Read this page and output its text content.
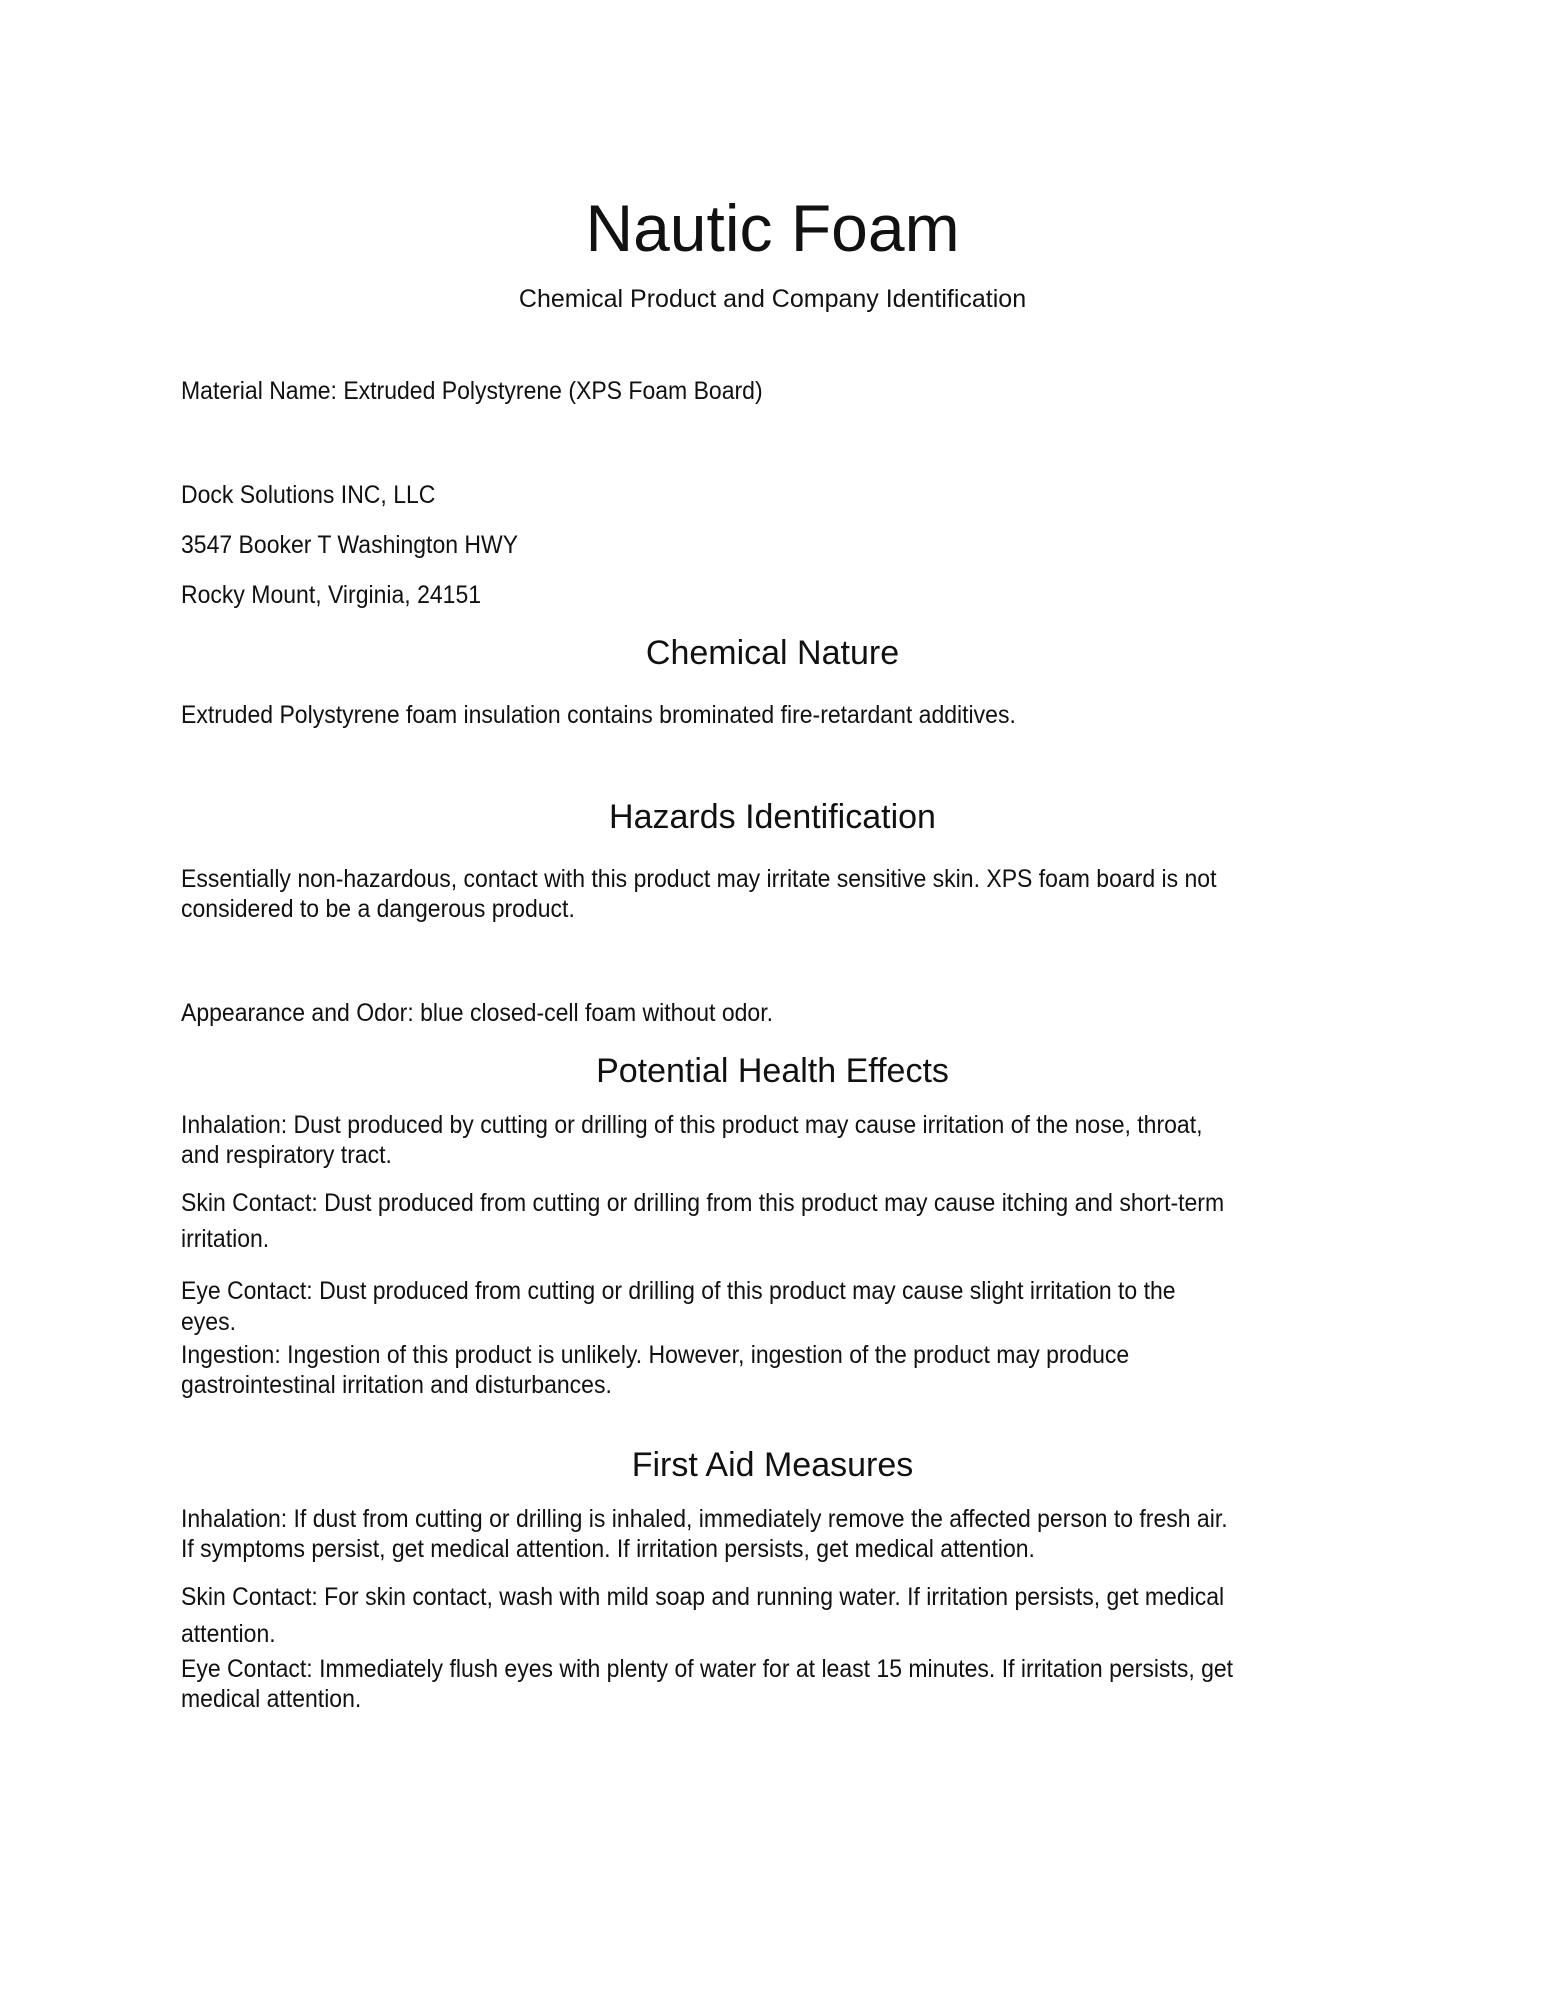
Nautic Foam
Chemical Product and Company Identification
Material Name: Extruded Polystyrene (XPS Foam Board)
Dock Solutions INC, LLC
3547 Booker T Washington HWY
Rocky Mount, Virginia, 24151
Chemical Nature
Extruded Polystyrene foam insulation contains brominated fire-retardant additives.
Hazards Identification
Essentially non-hazardous, contact with this product may irritate sensitive skin. XPS foam board is not
considered to be a dangerous product.
Appearance and Odor: blue closed-cell foam without odor.
Potential Health Effects
Inhalation: Dust produced by cutting or drilling of this product may cause irritation of the nose, throat,
and respiratory tract.
Skin Contact: Dust produced from cutting or drilling from this product may cause itching and short-term
irritation.
Eye Contact: Dust produced from cutting or drilling of this product may cause slight irritation to the
eyes.
Ingestion: Ingestion of this product is unlikely. However, ingestion of the product may produce
gastrointestinal irritation and disturbances.
First Aid Measures
Inhalation: If dust from cutting or drilling is inhaled, immediately remove the affected person to fresh air.
If symptoms persist, get medical attention. If irritation persists, get medical attention.
Skin Contact: For skin contact, wash with mild soap and running water. If irritation persists, get medical
attention.
Eye Contact: Immediately flush eyes with plenty of water for at least 15 minutes. If irritation persists, get
medical attention.
